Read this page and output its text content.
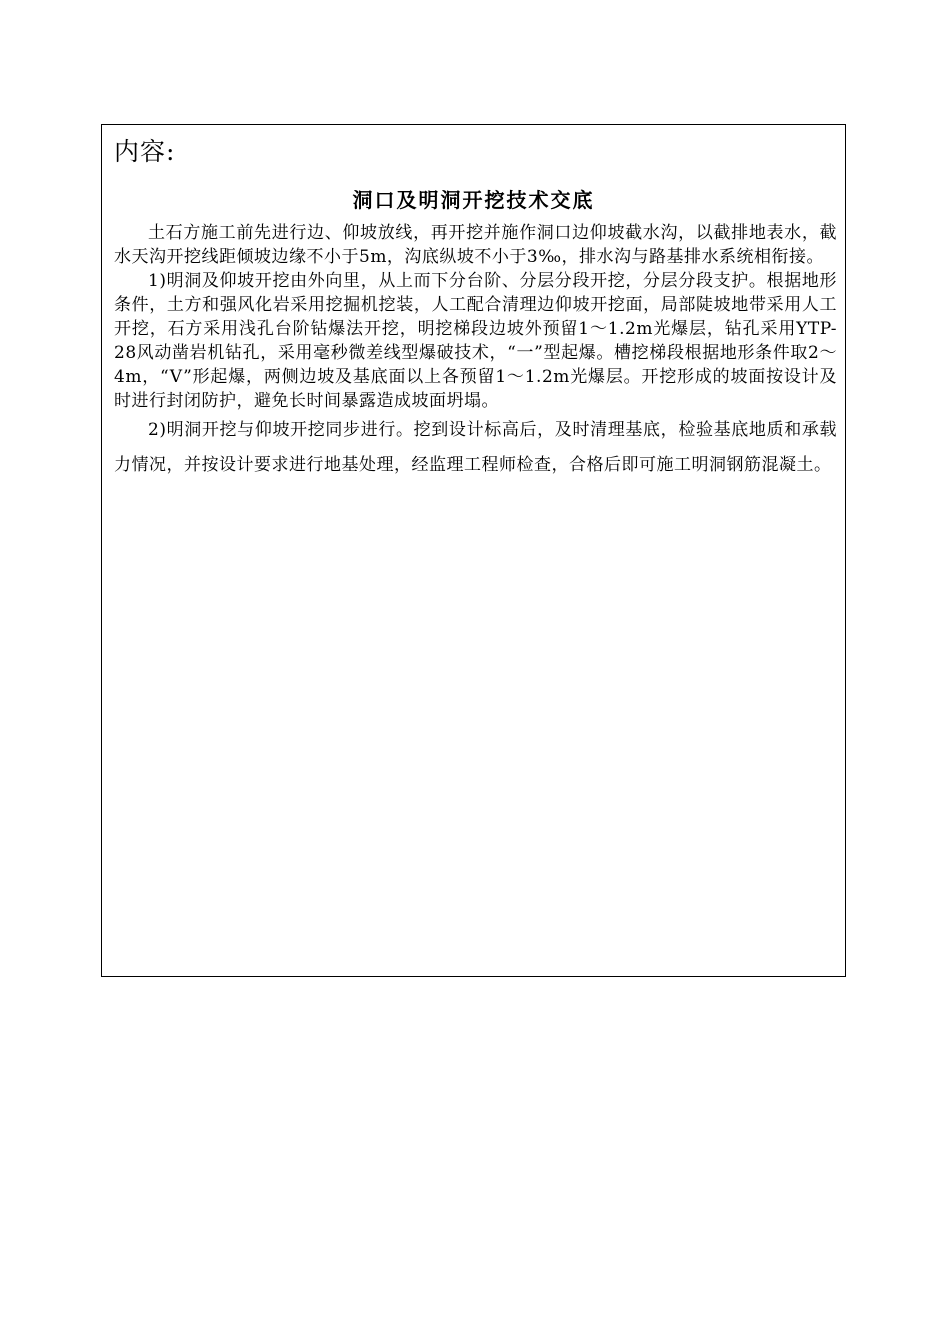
内容:
洞口及明洞开挖技术交底

土石方施工前先进行边、仰坡放线，再开挖并施作洞口边仰坡截水沟，以截排地表水，截水天沟开挖线距倾坡边缘不小于5m，沟底纵坡不小于3‰，排水沟与路基排水系统相衔接。

1)明洞及仰坡开挖由外向里，从上而下分台阶、分层分段开挖，分层分段支护。根据地形条件，土方和强风化岩采用挖掘机挖装，人工配合清理边仰坡开挖面，局部陡坡地带采用人工开挖，石方采用浅孔台阶钻爆法开挖，明挖梯段边坡外预留1～1.2m光爆层，钻孔采用YTP-28风动凿岩机钻孔，采用毫秒微差线型爆破技术，“一”型起爆。槽挖梯段根据地形条件取2～4m，“V”形起爆，两侧边坡及基底面以上各预留1～1.2m光爆层。开挖形成的坡面按设计及时进行封闭防护，避免长时间暴露造成坡面坍塌。

2)明洞开挖与仰坡开挖同步进行。挖到设计标高后，及时清理基底，检验基底地质和承载力情况，并按设计要求进行地基处理，经监理工程师检查，合格后即可施工明洞钢筋混凝土。
